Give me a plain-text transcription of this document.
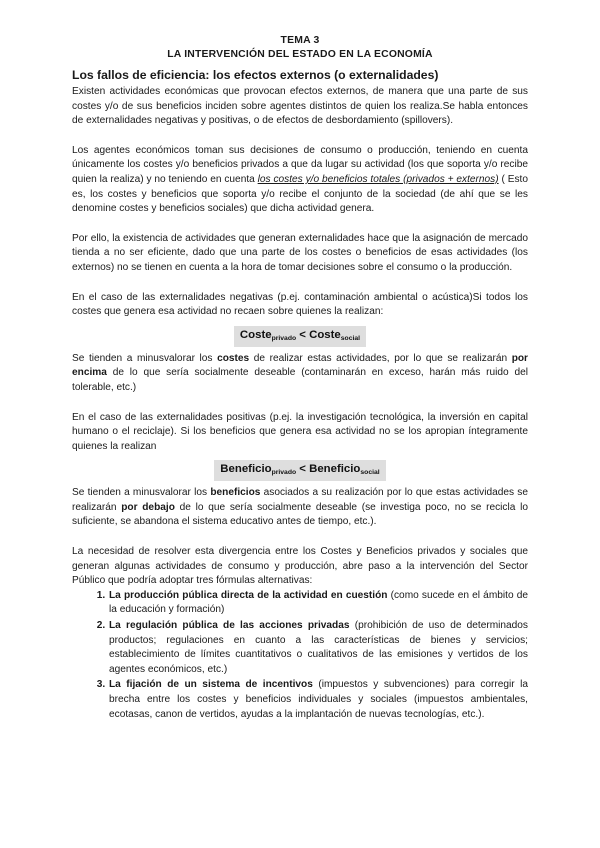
TEMA 3
LA INTERVENCIÓN DEL ESTADO EN LA ECONOMÍA
Los fallos de eficiencia: los efectos externos (o externalidades)

Existen actividades económicas que provocan efectos externos, de manera que una parte de sus costes y/o de sus beneficios inciden sobre agentes distintos de quien los realiza.Se habla entonces de externalidades negativas y positivas, o de efectos de desbordamiento (spillovers).

Los agentes económicos toman sus decisiones de consumo o producción, teniendo en cuenta únicamente los costes y/o beneficios privados a que da lugar su actividad (los que soporta y/o recibe quien la realiza) y no teniendo en cuenta los costes y/o beneficios totales (privados + externos) ( Esto es, los costes y beneficios que soporta y/o recibe el conjunto de la sociedad (de ahí que se les denomine costes y beneficios sociales) que dicha actividad genera.

Por ello, la existencia de actividades que generan externalidades hace que la asignación de mercado tienda a no ser eficiente, dado que una parte de los costes o beneficios de esas actividades (los externos) no se tienen en cuenta a la hora de tomar decisiones sobre el consumo o la producción.

En el caso de las externalidades negativas (p.ej. contaminación ambiental o acústica)Si todos los costes que genera esa actividad no recaen sobre quienes la realizan:

Coste$_{privado}$ < Coste$_{social}$

Se tienden a minusvalorar los costes de realizar estas actividades, por lo que se realizarán por encima de lo que sería socialmente deseable (contaminarán en exceso, harán más ruido del tolerable, etc.)

En el caso de las externalidades positivas (p.ej. la investigación tecnológica, la inversión en capital humano o el reciclaje). Si los beneficios que genera esa actividad no se los apropian íntegramente quienes la realizan

Beneficio$_{privado}$ < Beneficio$_{social}$

Se tienden a minusvalorar los beneficios asociados a su realización por lo que estas actividades se realizarán por debajo de lo que sería socialmente deseable (se investiga poco, no se recicla lo suficiente, se abandona el sistema educativo antes de tiempo, etc.).

La necesidad de resolver esta divergencia entre los Costes y Beneficios privados y sociales que generan algunas actividades de consumo y producción, abre paso a la intervención del Sector Público que podría adoptar tres fórmulas alternativas:

1. La producción pública directa de la actividad en cuestión (como sucede en el ámbito de la educación y formación)
2. La regulación pública de las acciones privadas (prohibición de uso de determinados productos; regulaciones en cuanto a las características de bienes y servicios; establecimiento de límites cuantitativos o cualitativos de las emisiones y vertidos de los agentes económicos, etc.)
3. La fijación de un sistema de incentivos (impuestos y subvenciones) para corregir la brecha entre los costes y beneficios individuales y sociales (impuestos ambientales, ecotasas, canon de vertidos, ayudas a la implantación de nuevas tecnologías, etc.).
